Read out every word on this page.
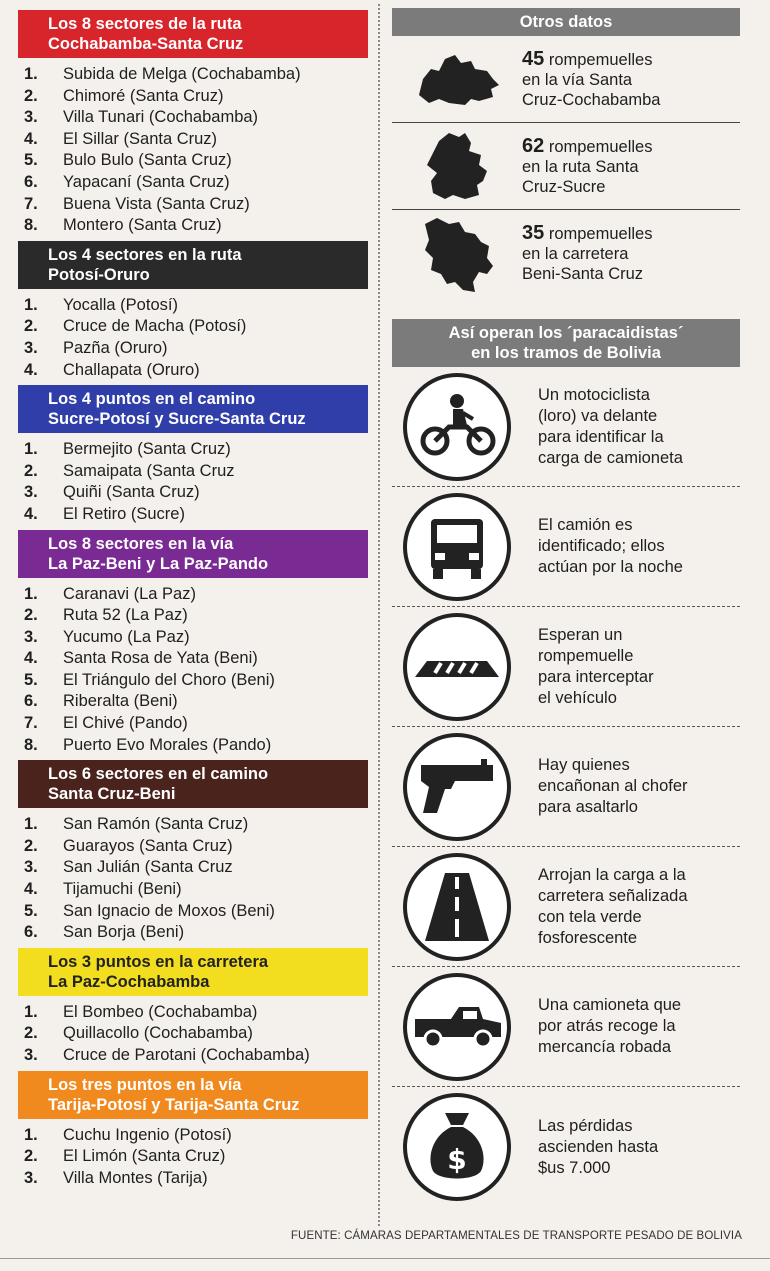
Los 8 sectores de la ruta
Cochabamba-Santa Cruz
1.	Subida de Melga (Cochabamba)
2.	Chimoré (Santa Cruz)
3.	Villa Tunari (Cochabamba)
4.	El Sillar (Santa Cruz)
5.	Bulo Bulo (Santa Cruz)
6.	Yapacaní (Santa Cruz)
7.	Buena Vista (Santa Cruz)
8.	Montero (Santa Cruz)
Los 4 sectores en la ruta
Potosí-Oruro
1.	Yocalla (Potosí)
2.	Cruce de Macha (Potosí)
3.	Pazña (Oruro)
4.	Challapata (Oruro)
Los 4 puntos en el camino
Sucre-Potosí y Sucre-Santa Cruz
1.	Bermejito (Santa Cruz)
2.	Samaipata (Santa Cruz
3.	Quiñi (Santa Cruz)
4.	El Retiro (Sucre)
Los 8 sectores en la vía
La Paz-Beni y La Paz-Pando
1.	Caranavi (La Paz)
2.	Ruta 52 (La Paz)
3.	Yucumo (La Paz)
4.	Santa Rosa de Yata (Beni)
5.	El Triángulo del Choro (Beni)
6.	Riberalta (Beni)
7.	El Chivé (Pando)
8.	Puerto Evo Morales (Pando)
Los 6 sectores en el camino
Santa Cruz-Beni
1.	San Ramón (Santa Cruz)
2.	Guarayos (Santa Cruz)
3.	San Julián (Santa Cruz
4.	Tijamuchi (Beni)
5.	San Ignacio de Moxos (Beni)
6.	San Borja (Beni)
Los 3 puntos en la carretera
La Paz-Cochabamba
1.	El Bombeo (Cochabamba)
2.	Quillacollo (Cochabamba)
3.	Cruce de Parotani (Cochabamba)
Los tres puntos en la vía
Tarija-Potosí y Tarija-Santa Cruz
1.	Cuchu Ingenio (Potosí)
2.	El Limón (Santa Cruz)
3.	Villa Montes (Tarija)
Otros datos
45 rompemuelles
en la vía Santa
Cruz-Cochabamba
62 rompemuelles
en la ruta Santa
Cruz-Sucre
35 rompemuelles
en la carretera
Beni-Santa Cruz
Así operan los ´paracaidistas´
en los tramos de Bolivia
Un motociclista
(loro) va delante
para identificar la
carga de camioneta
El camión es
identificado; ellos
actúan por la noche
Esperan un
rompemuelle
para interceptar
el vehículo
Hay quienes
encañonan al chofer
para asaltarlo
Arrojan la carga a la
carretera señalizada
con tela verde
fosforescente
Una camioneta que
por atrás recoge la
mercancía robada
$
Las pérdidas
ascienden hasta
$us 7.000
FUENTE: CÁMARAS DEPARTAMENTALES DE TRANSPORTE PESADO DE BOLIVIA
